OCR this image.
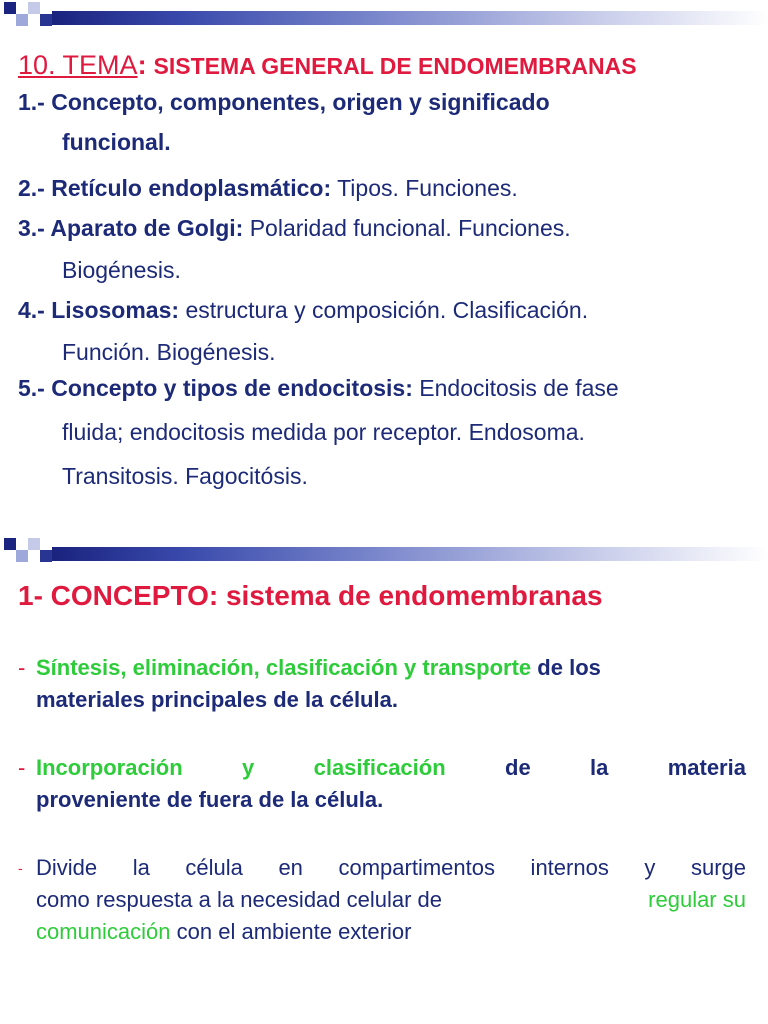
10. TEMA: SISTEMA GENERAL DE ENDOMEMBRANAS
1.- Concepto, componentes, origen y significado
funcional.
2.- Retículo endoplasmático: Tipos. Funciones.
3.- Aparato de Golgi: Polaridad funcional. Funciones.
Biogénesis.
4.- Lisosomas: estructura y composición. Clasificación.
Función. Biogénesis.
5.- Concepto y tipos de endocitosis: Endocitosis de fase
fluida; endocitosis medida por receptor. Endosoma.
Transitosis. Fagocitósis.
1- CONCEPTO: sistema de endomembranas
- Síntesis, eliminación, clasificación y transporte de los
materiales principales de la célula.
- Incorporación	y	clasificación	de	la	materia
proveniente de fuera de la célula.
- Divide la célula en compartimentos internos y surge
como respuesta a la necesidad celular de	regular su
comunicación con el ambiente exterior
